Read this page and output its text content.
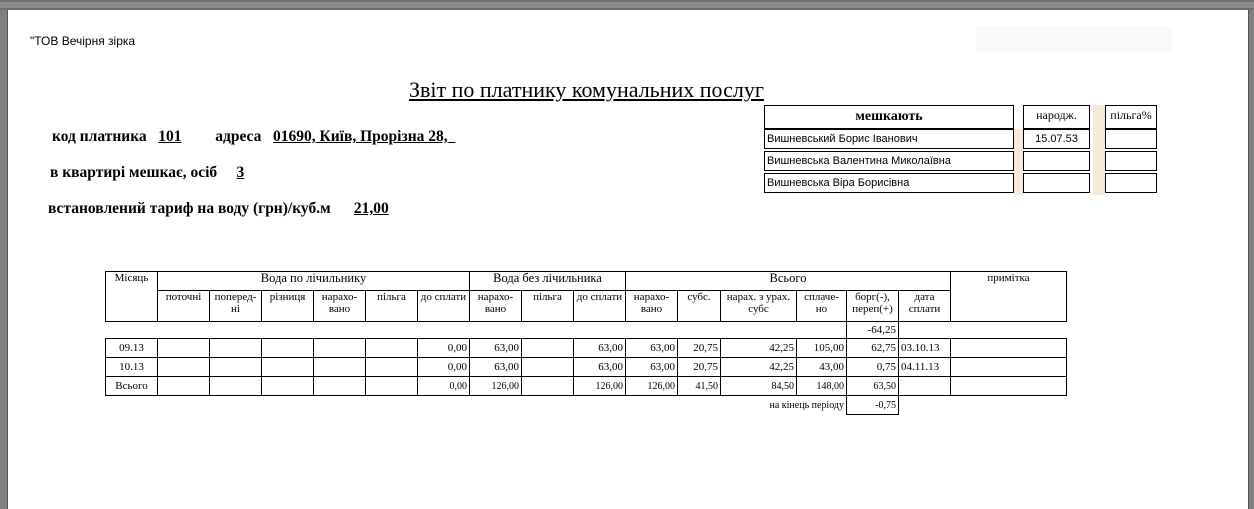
"ТОВ Вечірня зірка
Звіт по платнику комунальних послуг
код платника 101 адреса 01690, Київ, Прорізна 28,
в квартирі мешкає, осіб 3
встановлений тариф на воду (грн)/куб.м 21,00
мешкають	народж.	пільга%
Вишневський Борис Іванович	15.07.53
Вишневська Валентина Миколаївна
Вишневська Віра Борисівна
Місяць	Вода по лічильнику						Вода без лічильника			Всього						примітка
	поточні	поперед-ні	різниця	нарахо-вано	пільга	до сплати	нарахо-вано	пільга	до сплати	нарахо-вано	субс.	нарах. з урах. субс	сплаче-но	борг(-), переп(+)	дата сплати	
														-64,25		
09.13						0,00	63,00		63,00	63,00	20,75	42,25	105,00	62,75	03.10.13	
10.13						0,00	63,00		63,00	63,00	20,75	42,25	43,00	0,75	04.11.13	
Всього						0,00	126,00		126,00	126,00	41,50	84,50	148,00	63,50		
											на кінець періоду			-0,75		
